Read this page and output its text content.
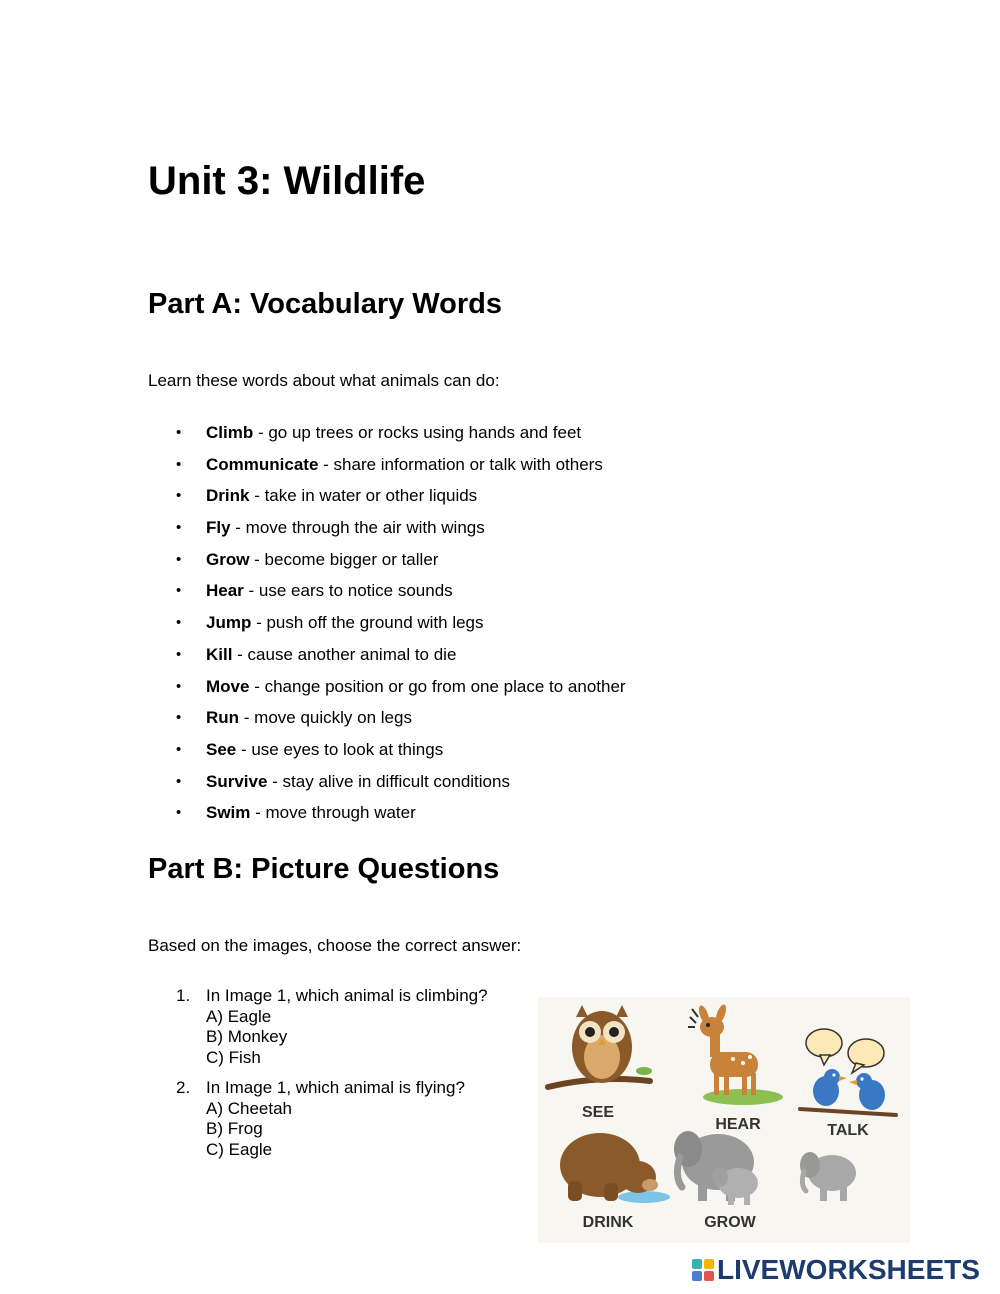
Unit 3: Wildlife
Part A: Vocabulary Words

Learn these words about what animals can do:

• Climb - go up trees or rocks using hands and feet
• Communicate - share information or talk with others
• Drink - take in water or other liquids
• Fly - move through the air with wings
• Grow - become bigger or taller
• Hear - use ears to notice sounds
• Jump - push off the ground with legs
• Kill - cause another animal to die
• Move - change position or go from one place to another
• Run - move quickly on legs
• See - use eyes to look at things
• Survive - stay alive in difficult conditions
• Swim - move through water
Part B: Picture Questions

Based on the images, choose the correct answer:

1. In Image 1, which animal is climbing?
A) Eagle
B) Monkey
C) Fish
2. In Image 1, which animal is flying?
A) Cheetah
B) Frog
C) Eagle
SEE
HEAR	TALK
DRINK	GROW
LIVEWORKSHEETS
